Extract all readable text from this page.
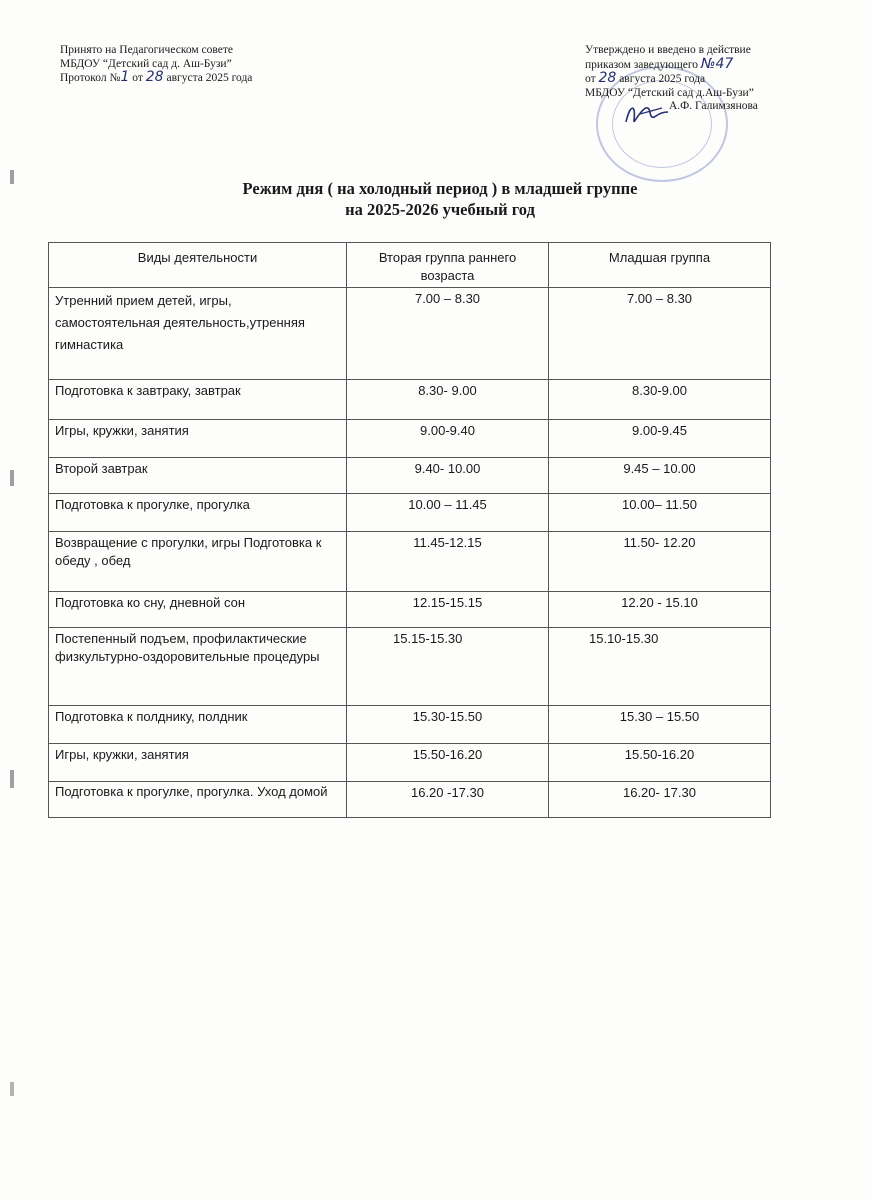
Принято на Педагогическом совете
МБДОУ “Детский сад д. Аш-Бузи”
Протокол №1 от 28 августа 2025 года
Утверждено и введено в действие
приказом заведующего №47
от 28 августа 2025 года
МБДОУ “Детский сад д.Аш-Бузи”
А.Ф. Галимзянова
Режим дня ( на холодный период ) в младшей группе
на 2025-2026 учебный год
Виды деятельности	Вторая группа раннего возраста	Младшая группа
Утренний прием детей, игры, самостоятельная деятельность,утренняя гимнастика	7.00 – 8.30	7.00 – 8.30
Подготовка к завтраку, завтрак	8.30- 9.00	8.30-9.00
Игры, кружки, занятия	9.00-9.40	9.00-9.45
Второй завтрак	9.40- 10.00	9.45 – 10.00
Подготовка к прогулке, прогулка	10.00 – 11.45	10.00– 11.50
Возвращение с прогулки, игры Подготовка к обеду , обед	11.45-12.15	11.50- 12.20
Подготовка ко сну, дневной сон	12.15-15.15	12.20 - 15.10
Постепенный подъем, профилактические физкультурно-оздоровительные процедуры	15.15-15.30	15.10-15.30
Подготовка к полднику, полдник	15.30-15.50	15.30 – 15.50
Игры, кружки, занятия	15.50-16.20	15.50-16.20
Подготовка к прогулке, прогулка. Уход домой	16.20 -17.30	16.20- 17.30
